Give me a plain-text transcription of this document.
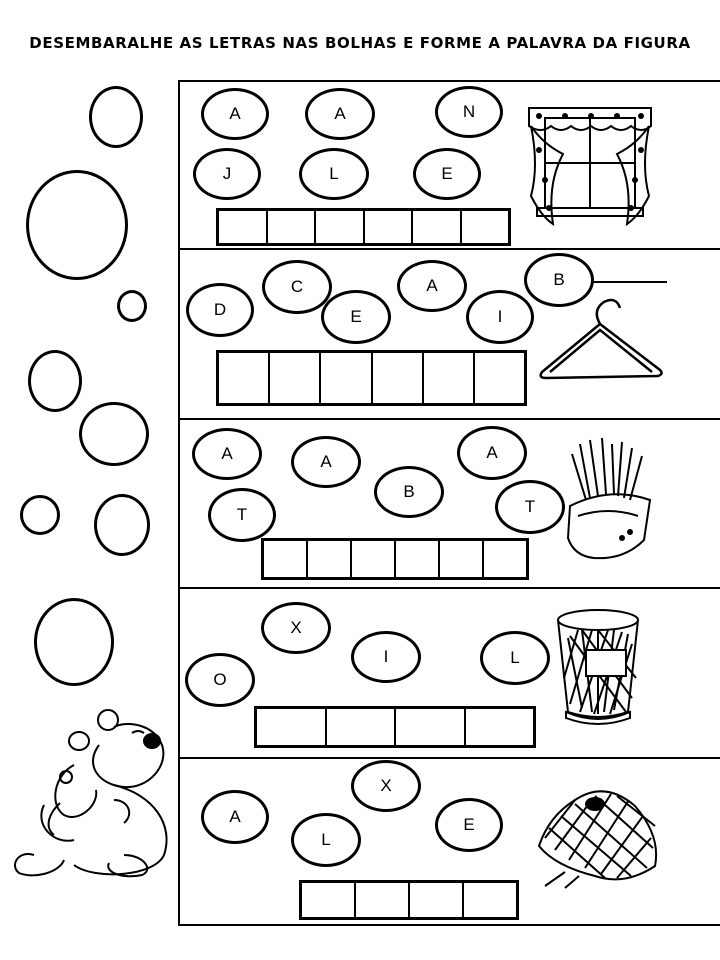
DESEMBARALHE AS LETRAS NAS BOLHAS E FORME A PALAVRA DA FIGURA
A	A	N
J	L	E
D
C
E
A
I
B
A
T
A
B
A
T
O
X
I	L
A
L
X
E
